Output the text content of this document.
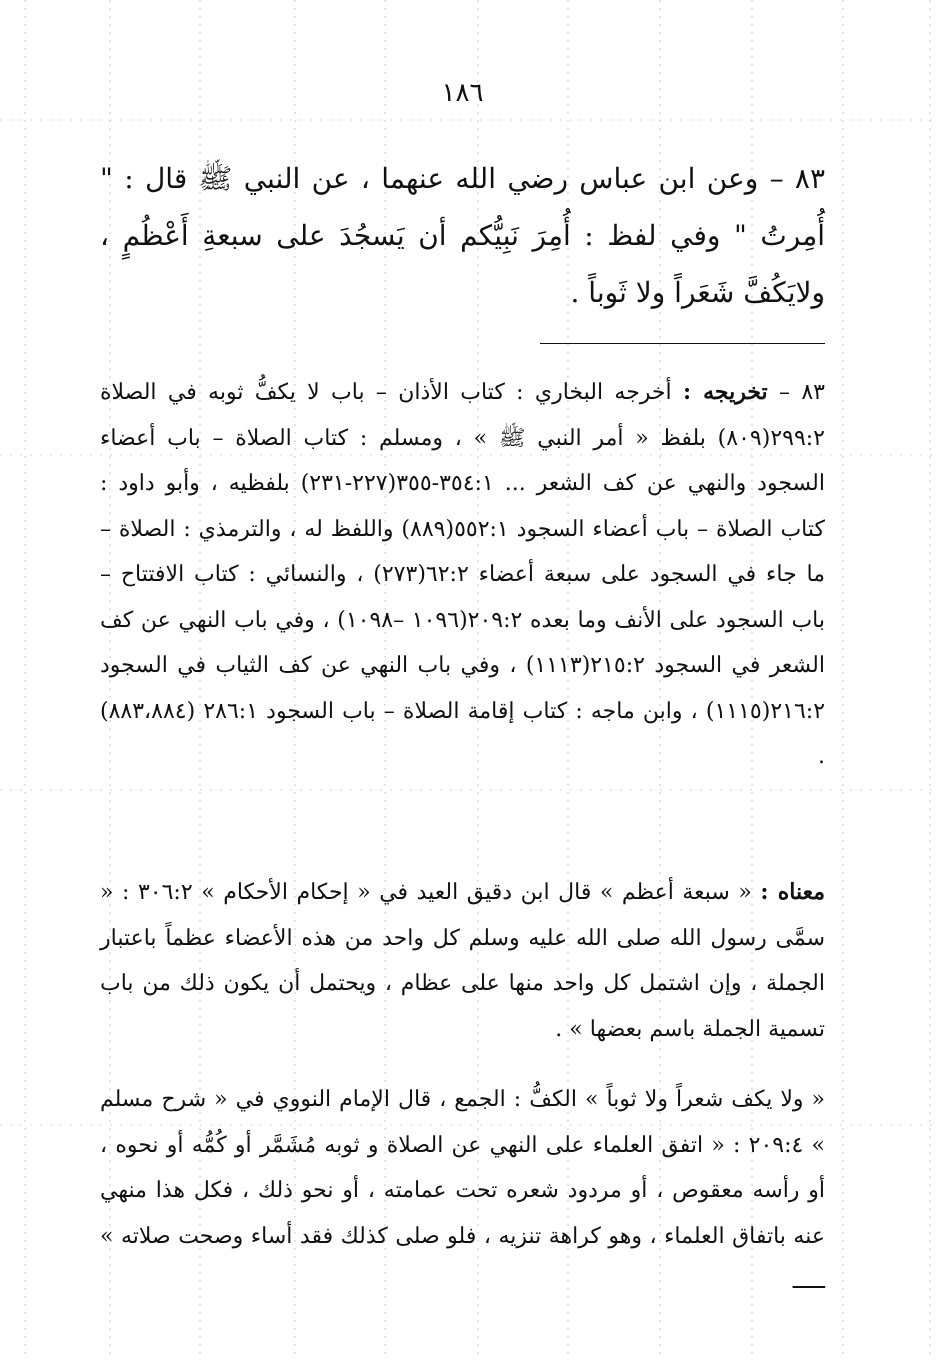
١٨٦
٨٣ – وعن ابن عباس رضي الله عنهما ، عن النبي ﷺ قال : " أُمِرتُ " وفي لفظ : أُمِرَ نَبِيُّكم أن يَسجُدَ على سبعةِ أَعْظُمٍ ، ولايَكُفَّ شَعَراً ولا ثَوباً .
٨٣ – تخريجه : أخرجه البخاري : كتاب الأذان – باب لا يكفُّ ثوبه في الصلاة ٢٩٩:٢(٨٠٩) بلفظ « أمر النبي ﷺ » ، ومسلم : كتاب الصلاة – باب أعضاء السجود والنهي عن كف الشعر ... ٣٥٤:١-٣٥٥(٢٢٧-٢٣١) بلفظيه ، وأبو داود : كتاب الصلاة – باب أعضاء السجود ٥٥٢:١(٨٨٩) واللفظ له ، والترمذي : الصلاة – ما جاء في السجود على سبعة أعضاء ٦٢:٢(٢٧٣) ، والنسائي : كتاب الافتتاح – باب السجود على الأنف وما بعده ٢٠٩:٢(١٠٩٦ –١٠٩٨) ، وفي باب النهي عن كف الشعر في السجود ٢١٥:٢(١١١٣) ، وفي باب النهي عن كف الثياب في السجود ٢١٦:٢(١١١٥) ، وابن ماجه : كتاب إقامة الصلاة – باب السجود ٢٨٦:١ (٨٨٣،٨٨٤) .
معناه : « سبعة أعظم » قال ابن دقيق العيد في « إحكام الأحكام » ٣٠٦:٢ : « سمَّى رسول الله صلى الله عليه وسلم كل واحد من هذه الأعضاء عظماً باعتبار الجملة ، وإن اشتمل كل واحد منها على عظام ، ويحتمل أن يكون ذلك من باب تسمية الجملة باسم بعضها » .
« ولا يكف شعراً ولا ثوباً » الكفُّ : الجمع ، قال الإمام النووي في « شرح مسلم » ٢٠٩:٤ : « اتفق العلماء على النهي عن الصلاة و ثوبه مُشَمَّر أو كُمُّه أو نحوه ، أو رأسه معقوص ، أو مردود شعره تحت عمامته ، أو نحو ذلك ، فكل هذا منهي عنه باتفاق العلماء ، وهو كراهة تنزيه ، فلو صلى كذلك فقد أساء وصحت صلاته » ـــــ
